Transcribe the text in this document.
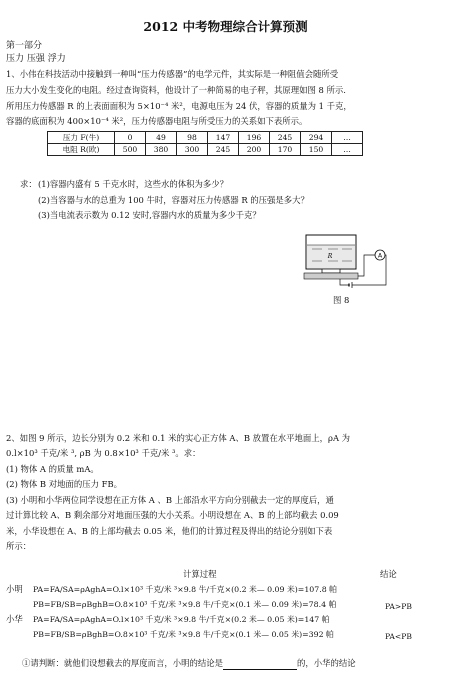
2012 中考物理综合计算预测
第一部分
压力 压强 浮力
1、小伟在科技活动中接触到一种叫“压力传感器”的电学元件，其实际是一种阻值会随所受
压力大小发生变化的电阻。经过查询资料，他设计了一种简易的电子秤，其原理如图 8 所示.
所用压力传感器 R 的上表面面积为 5×10⁻⁴ 米²，电源电压为 24 伏，容器的质量为 1 千克，
容器的底面积为 400×10⁻⁴ 米²，压力传感器电阻与所受压力的关系如下表所示。
压力 F(牛)	0	49	98	147	196	245	294	…
电阻 R(欧)	500	380	300	245	200	170	150	…
求： (1)容器内盛有 5 千克水时，这些水的体积为多少？
(2)当容器与水的总重为 100 牛时，容器对压力传感器 R 的压强是多大？
(3)当电流表示数为 0.12 安时,容器内水的质量为多少千克？
R	A
图 8
2、如图 9 所示，边长分别为 0.2 米和 0.1 米的实心正方体 A、B 放置在水平地面上，ρA 为
0.l×10³ 千克/米 ³, ρB 为 0.8×10³ 千克/米 ³。求：
(1) 物体 A 的质量 mA。
(2) 物体 B 对地面的压力 FB。
(3) 小明和小华两位同学设想在正方体 A 、B 上部沿水平方向分别截去一定的厚度后，通
过计算比较 A、B 剩余部分对地面压强的大小关系。小明设想在 A、B 的上部均截去 0.09
米，小华设想在 A、B 的上部均截去 0.05 米，他们的计算过程及得出的结论分别如下表
所示：
计算过程	结论
小明 PA=FA/SA=ρAghA=O.l×10³ 千克/米 ³×9.8 牛/千克×(0.2 米— 0.09 米)=107.8 帕
PB=FB/SB=ρBghB=O.8×10³ 千克/米 ³×9.8 牛/千克×(0.1 米— 0.09 米)=78.4 帕	PA>PB
小华 PA=FA/SA=ρAghA=O.l×10³ 千克/米 ³×9.8 牛/千克×(0.2 米— 0.05 米)=147 帕
PB=FB/SB=ρBghB=O.8×10³ 千克/米 ³×9.8 牛/千克×(0.1 米— 0.05 米)=392 帕	PA<PB
①请判断：就他们设想截去的厚度而言，小明的结论是	的，小华的结论
